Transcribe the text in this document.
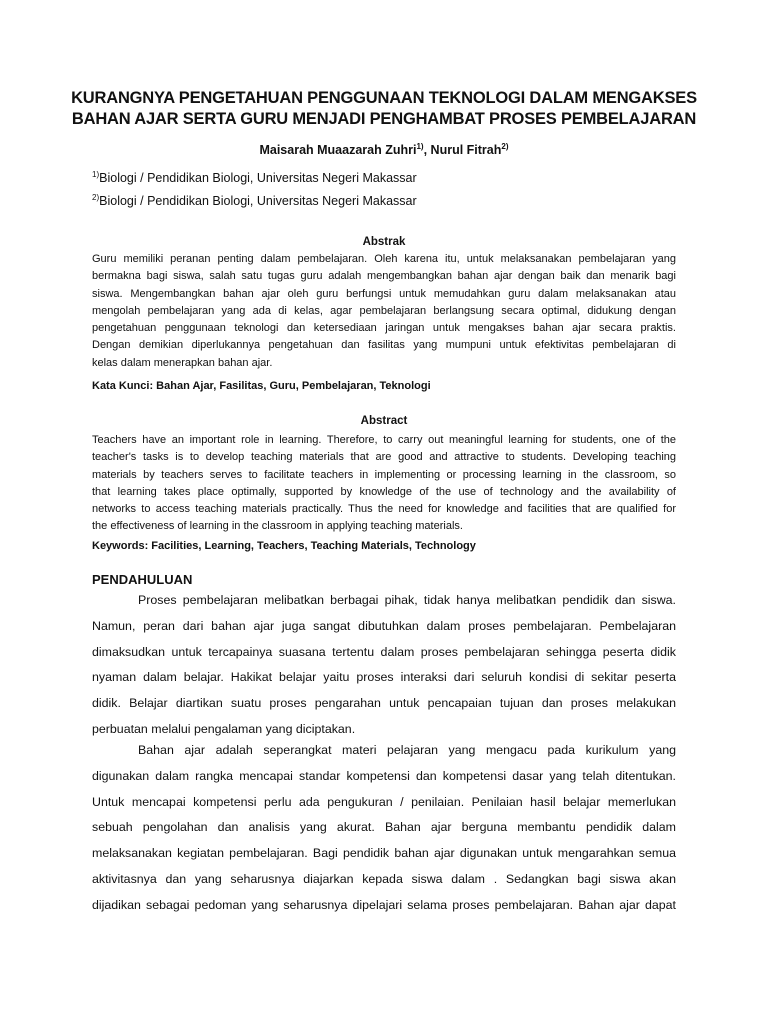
KURANGNYA PENGETAHUAN PENGGUNAAN TEKNOLOGI DALAM MENGAKSES
BAHAN AJAR SERTA GURU MENJADI PENGHAMBAT PROSES PEMBELAJARAN
Maisarah Muaazarah Zuhri$^{1)}$, Nurul Fitrah$^{2)}$
$^{1)}$Biologi / Pendidikan Biologi, Universitas Negeri Makassar
$^{2)}$Biologi / Pendidikan Biologi, Universitas Negeri Makassar
Abstrak
Guru memiliki peranan penting dalam pembelajaran. Oleh karena itu, untuk melaksanakan pembelajaran yang
bermakna bagi siswa, salah satu tugas guru adalah mengembangkan bahan ajar dengan baik dan menarik bagi
siswa. Mengembangkan bahan ajar oleh guru berfungsi untuk memudahkan guru dalam melaksanakan atau
mengolah pembelajaran yang ada di kelas, agar pembelajaran berlangsung secara optimal, didukung dengan
pengetahuan penggunaan teknologi dan ketersediaan jaringan untuk mengakses bahan ajar secara praktis.
Dengan demikian diperlukannya pengetahuan dan fasilitas yang mumpuni untuk efektivitas pembelajaran di
kelas dalam menerapkan bahan ajar.
Kata Kunci: Bahan Ajar, Fasilitas, Guru, Pembelajaran, Teknologi
Abstract
Teachers have an important role in learning. Therefore, to carry out meaningful learning for students, one of the
teacher's tasks is to develop teaching materials that are good and attractive to students. Developing teaching
materials by teachers serves to facilitate teachers in implementing or processing learning in the classroom, so
that learning takes place optimally, supported by knowledge of the use of technology and the availability of
networks to access teaching materials practically. Thus the need for knowledge and facilities that are qualified for
the effectiveness of learning in the classroom in applying teaching materials.
Keywords: Facilities, Learning, Teachers, Teaching Materials, Technology
PENDAHULUAN
Proses pembelajaran melibatkan berbagai pihak, tidak hanya melibatkan pendidik dan siswa.
Namun, peran dari bahan ajar juga sangat dibutuhkan dalam proses pembelajaran. Pembelajaran
dimaksudkan untuk tercapainya suasana tertentu dalam proses pembelajaran sehingga peserta didik
nyaman dalam belajar. Hakikat belajar yaitu proses interaksi dari seluruh kondisi di sekitar peserta
didik. Belajar diartikan suatu proses pengarahan untuk pencapaian tujuan dan proses melakukan
perbuatan melalui pengalaman yang diciptakan.
Bahan ajar adalah seperangkat materi pelajaran yang mengacu pada kurikulum yang
digunakan dalam rangka mencapai standar kompetensi dan kompetensi dasar yang telah ditentukan.
Untuk mencapai kompetensi perlu ada pengukuran / penilaian. Penilaian hasil belajar memerlukan
sebuah pengolahan dan analisis yang akurat. Bahan ajar berguna membantu pendidik dalam
melaksanakan kegiatan pembelajaran. Bagi pendidik bahan ajar digunakan untuk mengarahkan semua
aktivitasnya dan yang seharusnya diajarkan kepada siswa dalam . Sedangkan bagi siswa akan
dijadikan sebagai pedoman yang seharusnya dipelajari selama proses pembelajaran. Bahan ajar dapat
